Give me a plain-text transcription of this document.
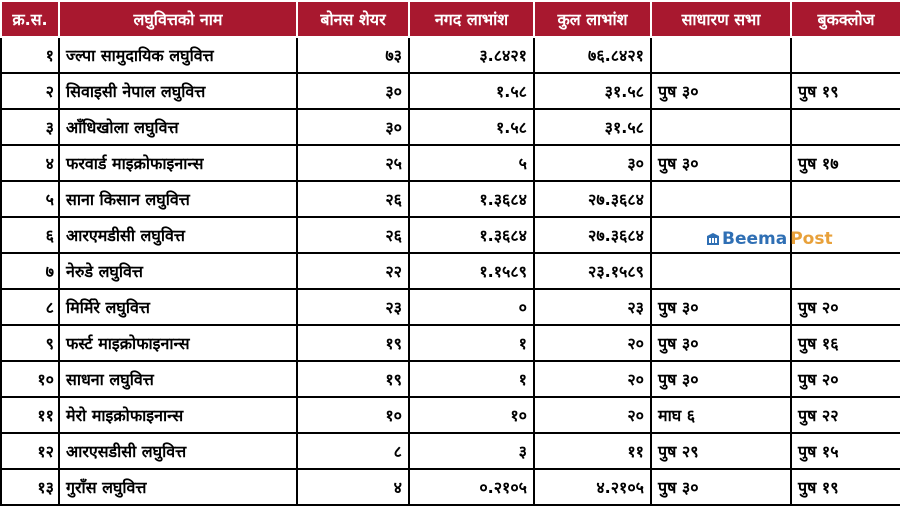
क्र.स.	लघुवित्तको नाम	बोनस शेयर	नगद लाभांश	कुल लाभांश	साधारण सभा	बुकक्लोज
१	ज्ल्पा सामुदायिक लघुवित्त	७३	३.८४२१	७६.८४२१		
२	सिवाइसी नेपाल लघुवित्त	३०	१.५८	३१.५८	पुष ३०	पुष १९
३	आँधिखोला लघुवित्त	३०	१.५८	३१.५८		
४	फरवार्ड माइक्रोफाइनान्स	२५	५	३०	पुष ३०	पुष १७
५	साना किसान लघुवित्त	२६	१.३६८४	२७.३६८४		
६	आरएमडीसी लघुवित्त	२६	१.३६८४	२७.३६८४		
७	नेरुडे लघुवित्त	२२	१.१५८९	२३.१५८९		
८	मिर्मिरे लघुवित्त	२३	०	२३	पुष ३०	पुष २०
९	फर्स्ट माइक्रोफाइनान्स	१९	१	२०	पुष ३०	पुष १६
१०	साधना लघुवित्त	१९	१	२०	पुष ३०	पुष २०
११	मेरो माइक्रोफाइनान्स	१०	१०	२०	माघ ६	पुष २२
१२	आरएसडीसी लघुवित्त	८	३	११	पुष २९	पुष १५
१३	गुराँस लघुवित्त	४	०.२१०५	४.२१०५	पुष ३०	पुष १९
Beema Post
